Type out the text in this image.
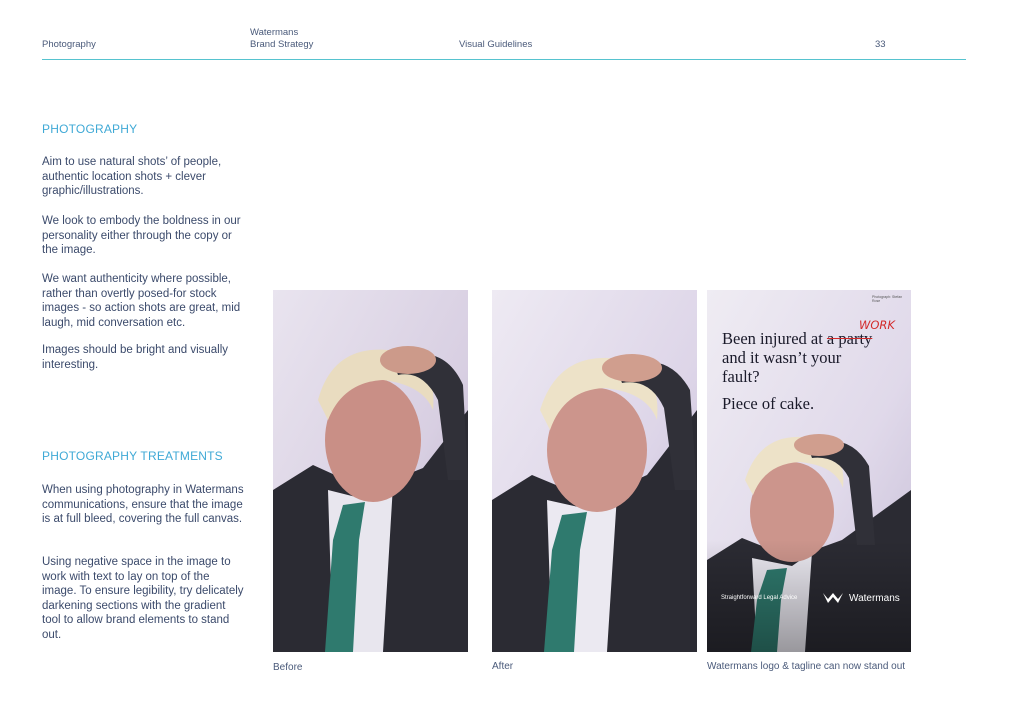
Photography
Watermans
Brand Strategy	Visual Guidelines	33
PHOTOGRAPHY
Aim to use natural shots’ of people, authentic location shots + clever graphic/illustrations.
We look to embody the boldness in our personality either through the copy or the image.
We want authenticity where possible, rather than overtly posed-for stock images - so action shots are great, mid laugh, mid conversation etc.
Images should be bright and visually interesting.
PHOTOGRAPHY TREATMENTS
When using photography in Watermans communications, ensure that the image is at full bleed, covering the full canvas.
Using negative space in the image to work with text to lay on top of the image. To ensure legibility, try delicately darkening sections with the gradient tool to allow brand elements to stand out.
Before	After
Photograph: Stefan Rose
Been injured at a party
WORK
and it wasn’t your
fault?
Piece of cake.
Straightforward Legal Advice	Watermans
Watermans logo & tagline can now stand out
